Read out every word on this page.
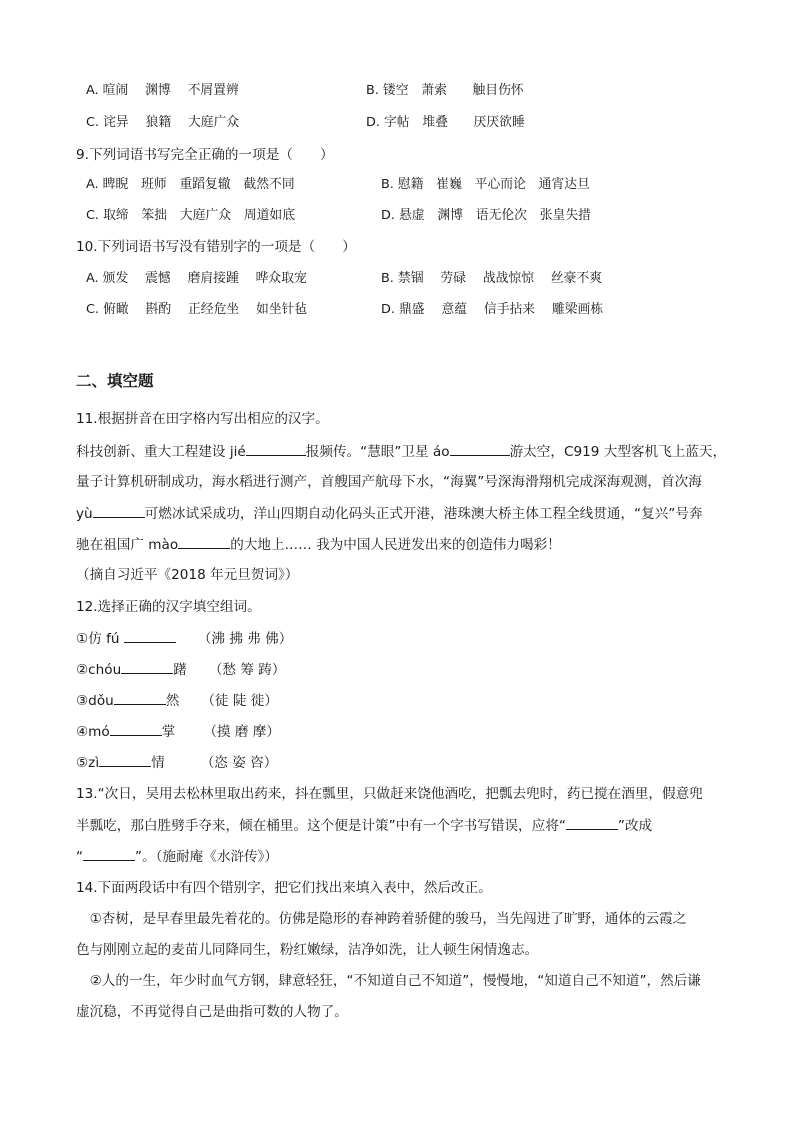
A. 喧闹　 渊博　 不屑置辨	B. 镂空　萧索　　触目伤怀
C. 诧异　 狼籍　 大庭广众	D. 字帖　堆叠　　厌厌欲睡
9.下列词语书写完全正确的一项是（　　）
A. 睥睨　班师　重蹈复辙　截然不同	B. 慰籍　崔巍　平心而论　通宵达旦
C. 取缔　笨拙　大庭广众　周道如底	D. 悬虚　渊博　语无伦次　张皇失措
10.下列词语书写没有错别字的一项是（　　）
A. 颁发　 震憾　 磨肩接踵　 哗众取宠	B. 禁锢　 劳碌　 战战惊惊　 丝豪不爽
C. 俯瞰　 斟酌　 正经危坐　 如坐针毡	D. 鼎盛　 意蕴　 信手拈来　 雕梁画栋
二、填空题
11.根据拼音在田字格内写出相应的汉字。
科技创新、重大工程建设 jié	报频传。“慧眼”卫星 áo	游太空，C919 大型客机飞上蓝天，
量子计算机研制成功，海水稻进行测产，首艘国产航母下水，“海翼”号深海滑翔机完成深海观测，首次海
yù	可燃冰试采成功，洋山四期自动化码头正式开港，港珠澳大桥主体工程全线贯通，“复兴”号奔
驰在祖国广 mào	的大地上…… 我为中国人民迸发出来的创造伟力喝彩！
（摘自习近平《2018 年元旦贺词》）
12.选择正确的汉字填空组词。
①仿 fú	（沸 拂 弗 佛）
②chóu	躇 （愁 筹 踌）
③dǒu	然 （徒 陡 徙）
④mó	掌 （摸 磨 摩）
⑤zì	情	（恣 姿 咨）
13.“次日，吴用去松林里取出药来，抖在瓢里，只做赶来饶他酒吃，把瓢去兜时，药已搅在酒里，假意兜
半瓢吃，那白胜劈手夺来，倾在桶里。这个便是计策”中有一个字书写错误，应将“	”改成
“	”。（施耐庵《水浒传》）
14.下面两段话中有四个错别字，把它们找出来填入表中，然后改正。
　①杏树，是早春里最先着花的。仿佛是隐形的春神跨着骄健的骏马，当先闯进了旷野，通体的云霞之
色与刚刚立起的麦苗儿同降同生，粉红嫩绿，洁净如洗，让人顿生闲情逸志。
　②人的一生，年少时血气方钢，肆意轻狂，“不知道自己不知道”，慢慢地，“知道自己不知道”，然后谦
虚沉稳，不再觉得自己是曲指可数的人物了。
